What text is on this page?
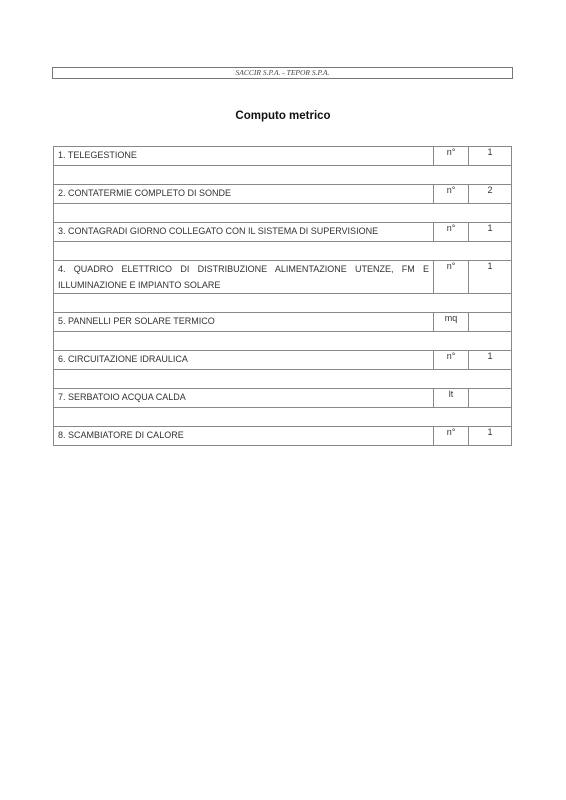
SACCIR S.P.A. - TEPOR S.P.A.
Computo metrico
1. TELEGESTIONE	n°	1

2. CONTATERMIE COMPLETO DI SONDE	n°	2

3. CONTAGRADI GIORNO COLLEGATO CON IL SISTEMA DI SUPERVISIONE	n°	1

4. QUADRO ELETTRICO DI DISTRIBUZIONE ALIMENTAZIONE UTENZE, FM E ILLUMINAZIONE E IMPIANTO SOLARE	n°	1

5. PANNELLI PER SOLARE TERMICO	mq	

6. CIRCUITAZIONE IDRAULICA	n°	1

7. SERBATOIO ACQUA CALDA	lt	

8. SCAMBIATORE DI CALORE	n°	1
